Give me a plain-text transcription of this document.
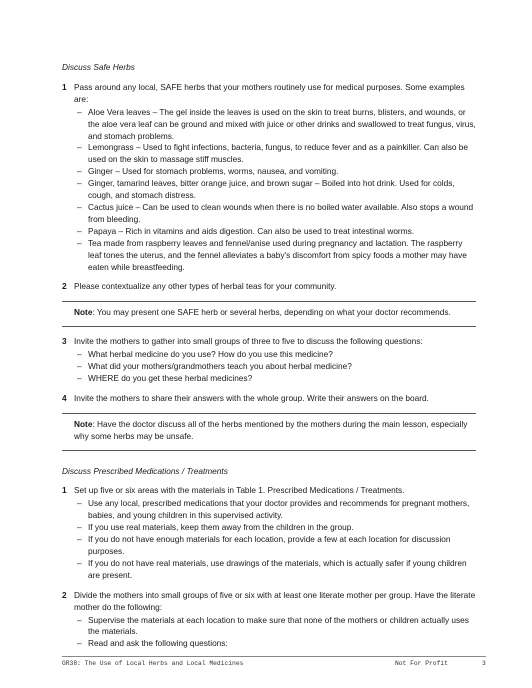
Discuss Safe Herbs
1 Pass around any local, SAFE herbs that your mothers routinely use for medical purposes. Some examples are:
– Aloe Vera leaves – The gel inside the leaves is used on the skin to treat burns, blisters, and wounds, or the aloe vera leaf can be ground and mixed with juice or other drinks and swallowed to treat fungus, virus, and stomach problems.
– Lemongrass – Used to fight infections, bacteria, fungus, to reduce fever and as a painkiller. Can also be used on the skin to massage stiff muscles.
– Ginger – Used for stomach problems, worms, nausea, and vomiting.
– Ginger, tamarind leaves, bitter orange juice, and brown sugar – Boiled into hot drink. Used for colds, cough, and stomach distress.
– Cactus juice – Can be used to clean wounds when there is no boiled water available. Also stops a wound from bleeding.
– Papaya – Rich in vitamins and aids digestion. Can also be used to treat intestinal worms.
– Tea made from raspberry leaves and fennel/anise used during pregnancy and lactation. The raspberry leaf tones the uterus, and the fennel alleviates a baby's discomfort from spicy foods a mother may have eaten while breastfeeding.
2 Please contextualize any other types of herbal teas for your community.
Note: You may present one SAFE herb or several herbs, depending on what your doctor recommends.
3 Invite the mothers to gather into small groups of three to five to discuss the following questions:
– What herbal medicine do you use? How do you use this medicine?
– What did your mothers/grandmothers teach you about herbal medicine?
– WHERE do you get these herbal medicines?
4 Invite the mothers to share their answers with the whole group. Write their answers on the board.
Note: Have the doctor discuss all of the herbs mentioned by the mothers during the main lesson, especially why some herbs may be unsafe.
Discuss Prescribed Medications / Treatments
1 Set up five or six areas with the materials in Table 1. Prescribed Medications / Treatments.
– Use any local, prescribed medications that your doctor provides and recommends for pregnant mothers, babies, and young children in this supervised activity.
– If you use real materials, keep them away from the children in the group.
– If you do not have enough materials for each location, provide a few at each location for discussion purposes.
– If you do not have real materials, use drawings of the materials, which is actually safer if young children are present.
2 Divide the mothers into small groups of five or six with at least one literate mother per group. Have the literate mother do the following:
– Supervise the materials at each location to make sure that none of the mothers or children actually uses the materials.
– Read and ask the following questions:
GR38: The Use of Local Herbs and Local Medicines	Not For Profit	3
